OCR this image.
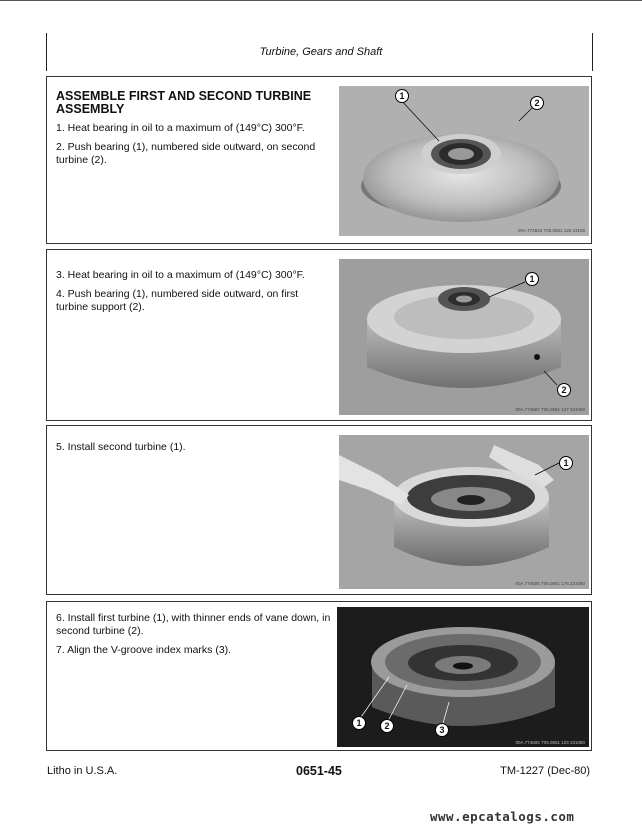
Turbine, Gears and Shaft
ASSEMBLE FIRST AND SECOND TURBINE ASSEMBLY
1. Heat bearing in oil to a maximum of (149°C) 300°F.
2. Push bearing (1), numbered side outward, on second turbine (2).
1
2
00A.774534 T05.0651 126 23108
3. Heat bearing in oil to a maximum of (149°C) 300°F.
4. Push bearing (1), numbered side outward, on first turbine support (2).
1
2
00A.774687 T05.0651 127 031080
5. Install second turbine (1).
1
00A.774605 T05.0651 178 231080
6. Install first turbine (1), with thinner ends of vane down, in second turbine (2).
7. Align the V-groove index marks (3).
1	2	3
00A.774606 T05.0651 129 231080
Litho in U.S.A.	0651-45	TM-1227 (Dec-80)
www.epcatalogs.com
